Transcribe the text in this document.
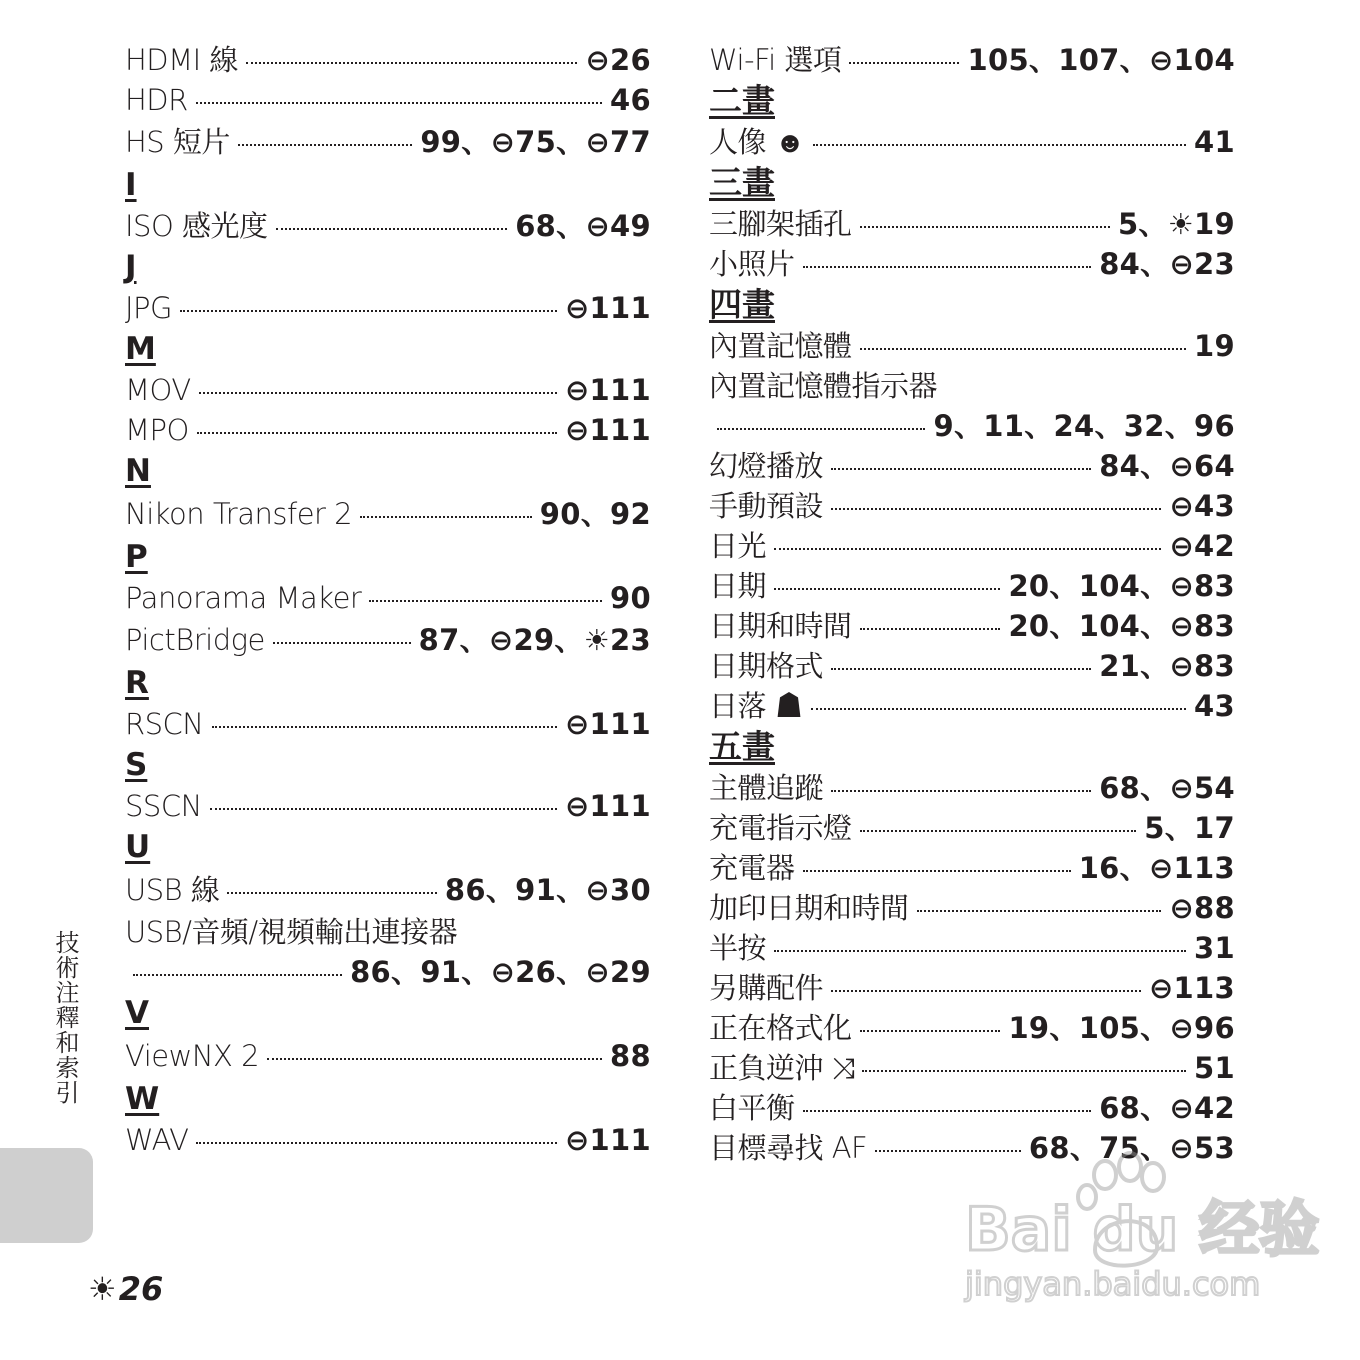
HDMI 線	⊖26
HDR	46
HS 短片	99、⊖75、⊖77
I
ISO 感光度	68、⊖49
J
JPG	⊖111
M
MOV	⊖111
MPO	⊖111
N
Nikon Transfer 2	90、92
P
Panorama Maker	90
PictBridge	87、⊖29、☀23
R
RSCN	⊖111
S
SSCN	⊖111
U
USB 線	86、91、⊖30
USB/音頻/視頻輸出連接器
86、91、⊖26、⊖29
V
ViewNX 2	88
W
WAV	⊖111
Wi-Fi 選項	105、107、⊖104
二畫
人像 ☻	41
三畫
三腳架插孔	5、☀19
小照片	84、⊖23
四畫
內置記憶體	19
內置記憶體指示器
9、11、24、32、96
幻燈播放	84、⊖64
手動預設	⊖43
日光	⊖42
日期	20、104、⊖83
日期和時間	20、104、⊖83
日期格式	21、⊖83
日落 ☗	43
五畫
主體追蹤	68、⊖54
充電指示燈	5、17
充電器	16、⊖113
加印日期和時間	⊖88
半按	31
另購配件	⊖113
正在格式化	19、105、⊖96
正負逆沖 ⤨	51
白平衡	68、⊖42
目標尋找 AF	68、75、⊖53
技術注釋和索引
☀ 26
Bai du 经验
jingyan.baidu.com
